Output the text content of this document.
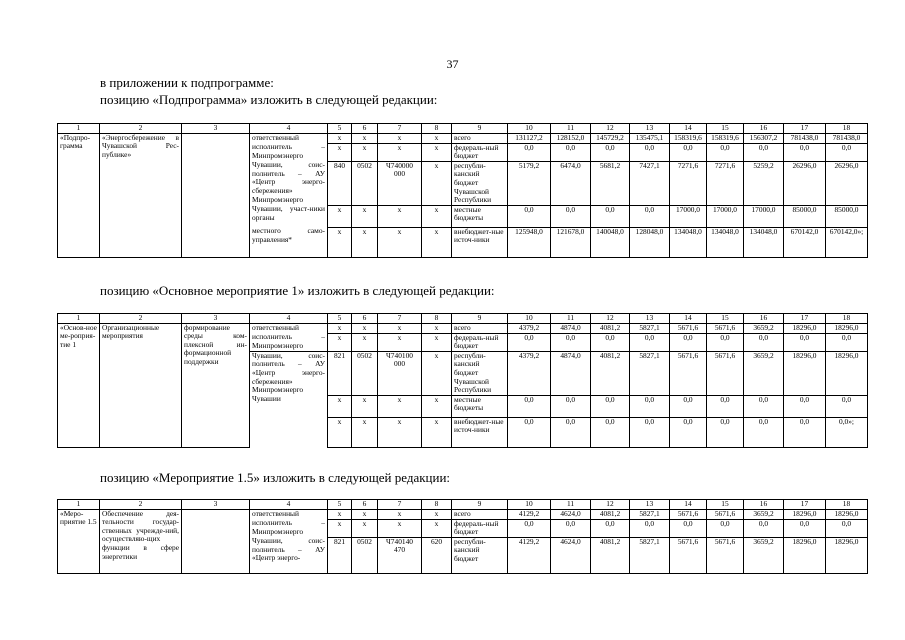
37
в приложении к подпрограмме:
позицию «Подпрограмма» изложить в следующей редакции:
1	2	3	4	5	6	7	8	9	10	11	12	13	14	15	16	17	18
«Подпро-грамма	«Энергосбережение в Чувашской Рес-публике»		ответственный	x	x	x	x	всего	131127,2	128152,0	145729,2	135475,1	158319,6	158319,6	156307,2	781438,0	781438,0
			исполнитель – Минпромэнерго	x	x	x	x	федераль-ный бюджет	0,0	0,0	0,0	0,0	0,0	0,0	0,0	0,0	0,0
			Чувашии, соис-полнитель – АУ «Центр энерго-сбережения» Минпромэнерго	840	0502	Ч740000 000	x	республи-канский бюджет Чувашской Республики	5179,2	6474,0	5681,2	7427,1	7271,6	7271,6	5259,2	26296,0	26296,0
			Чувашии, участ-ники органы	x	x	x	x	местные бюджеты	0,0	0,0	0,0	0,0	17000,0	17000,0	17000,0	85000,0	85000,0
			местного само-управления*	x	x	x	x	внебюджет-ные источ-ники	125948,0	121678,0	140048,0	128048,0	134048,0	134048,0	134048,0	670142,0	670142,0»;
позицию «Основное мероприятие 1» изложить в следующей редакции:
1	2	3	4	5	6	7	8	9	10	11	12	13	14	15	16	17	18
«Основ-ное ме-роприя-тие 1	Организационные мероприятия	формирование среды ком-плексной ин-формационной поддержки	ответственный	x	x	x	x	всего	4379,2	4874,0	4081,2	5827,1	5671,6	5671,6	3659,2	18296,0	18296,0
			исполнитель – Минпромэнерго	x	x	x	x	федераль-ный бюджет	0,0	0,0	0,0	0,0	0,0	0,0	0,0	0,0	0,0
			Чувашии, соис-полнитель – АУ «Центр энерго-сбережения» Минпромэнерго Чувашии	821	0502	Ч740100 000	x	республи-канский бюджет Чувашской Республики	4379,2	4874,0	4081,2	5827,1	5671,6	5671,6	3659,2	18296,0	18296,0
				x	x	x	x	местные бюджеты	0,0	0,0	0,0	0,0	0,0	0,0	0,0	0,0	0,0
				x	x	x	x	внебюджет-ные источ-ники	0,0	0,0	0,0	0,0	0,0	0,0	0,0	0,0	0,0»;
позицию «Мероприятие 1.5» изложить в следующей редакции:
1	2	3	4	5	6	7	8	9	10	11	12	13	14	15	16	17	18
«Меро-приятие 1.5	Обеспечение дея-тельности государ-ственных учрежде-ний, осуществляю-щих функции в сфере энергетики		ответственный	x	x	x	x	всего	4129,2	4624,0	4081,2	5827,1	5671,6	5671,6	3659,2	18296,0	18296,0
			исполнитель – Минпромэнерго	x	x	x	x	федераль-ный бюджет	0,0	0,0	0,0	0,0	0,0	0,0	0,0	0,0	0,0
			Чувашии, соис-полнитель – АУ «Центр энерго-	821	0502	Ч740140 470	620	республи-канский бюджет	4129,2	4624,0	4081,2	5827,1	5671,6	5671,6	3659,2	18296,0	18296,0
